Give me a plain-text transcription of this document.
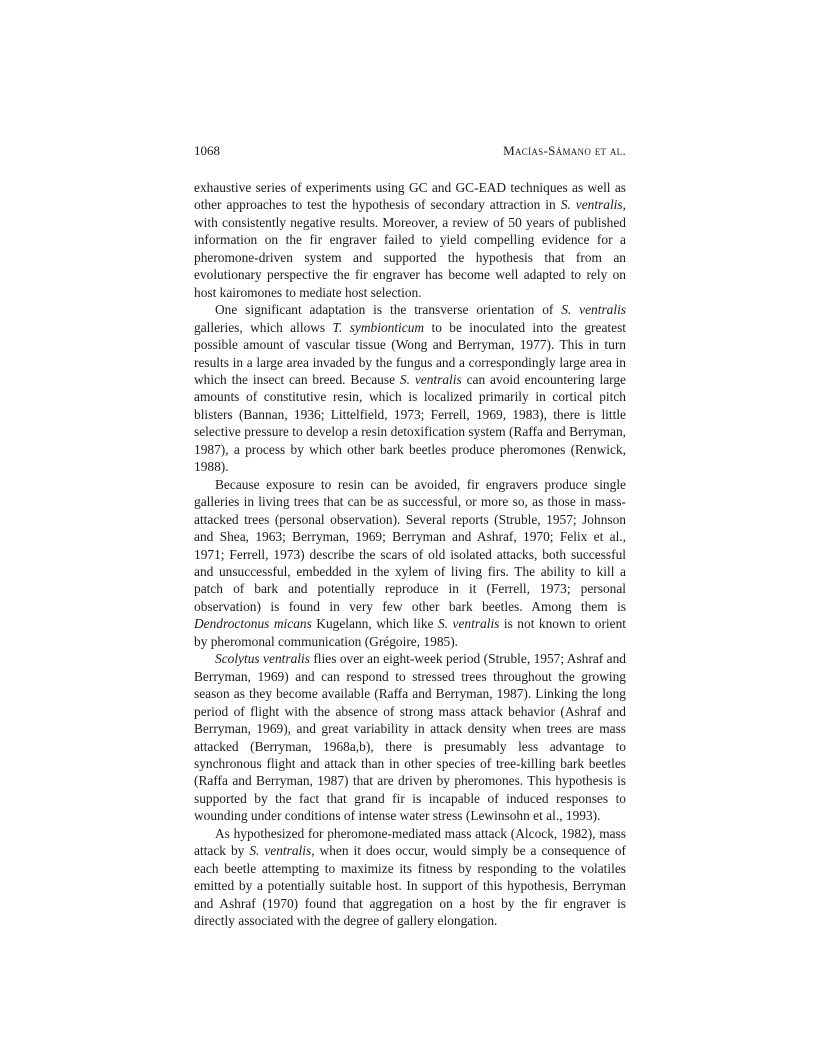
1068	Macías-Sámano et al.

exhaustive series of experiments using GC and GC-EAD techniques as well as other approaches to test the hypothesis of secondary attraction in S. ventralis, with consistently negative results. Moreover, a review of 50 years of published information on the fir engraver failed to yield compelling evidence for a pheromone-driven system and supported the hypothesis that from an evolutionary perspective the fir engraver has become well adapted to rely on host kairomones to mediate host selection.

One significant adaptation is the transverse orientation of S. ventralis galleries, which allows T. symbionticum to be inoculated into the greatest possible amount of vascular tissue (Wong and Berryman, 1977). This in turn results in a large area invaded by the fungus and a correspondingly large area in which the insect can breed. Because S. ventralis can avoid encountering large amounts of constitutive resin, which is localized primarily in cortical pitch blisters (Bannan, 1936; Littelfield, 1973; Ferrell, 1969, 1983), there is little selective pressure to develop a resin detoxification system (Raffa and Berryman, 1987), a process by which other bark beetles produce pheromones (Renwick, 1988).

Because exposure to resin can be avoided, fir engravers produce single galleries in living trees that can be as successful, or more so, as those in mass-attacked trees (personal observation). Several reports (Struble, 1957; Johnson and Shea, 1963; Berryman, 1969; Berryman and Ashraf, 1970; Felix et al., 1971; Ferrell, 1973) describe the scars of old isolated attacks, both successful and unsuccessful, embedded in the xylem of living firs. The ability to kill a patch of bark and potentially reproduce in it (Ferrell, 1973; personal observation) is found in very few other bark beetles. Among them is Dendroctonus micans Kugelann, which like S. ventralis is not known to orient by pheromonal communication (Grégoire, 1985).

Scolytus ventralis flies over an eight-week period (Struble, 1957; Ashraf and Berryman, 1969) and can respond to stressed trees throughout the growing season as they become available (Raffa and Berryman, 1987). Linking the long period of flight with the absence of strong mass attack behavior (Ashraf and Berryman, 1969), and great variability in attack density when trees are mass attacked (Berryman, 1968a,b), there is presumably less advantage to synchronous flight and attack than in other species of tree-killing bark beetles (Raffa and Berryman, 1987) that are driven by pheromones. This hypothesis is supported by the fact that grand fir is incapable of induced responses to wounding under conditions of intense water stress (Lewinsohn et al., 1993).

As hypothesized for pheromone-mediated mass attack (Alcock, 1982), mass attack by S. ventralis, when it does occur, would simply be a consequence of each beetle attempting to maximize its fitness by responding to the volatiles emitted by a potentially suitable host. In support of this hypothesis, Berryman and Ashraf (1970) found that aggregation on a host by the fir engraver is directly associated with the degree of gallery elongation.
